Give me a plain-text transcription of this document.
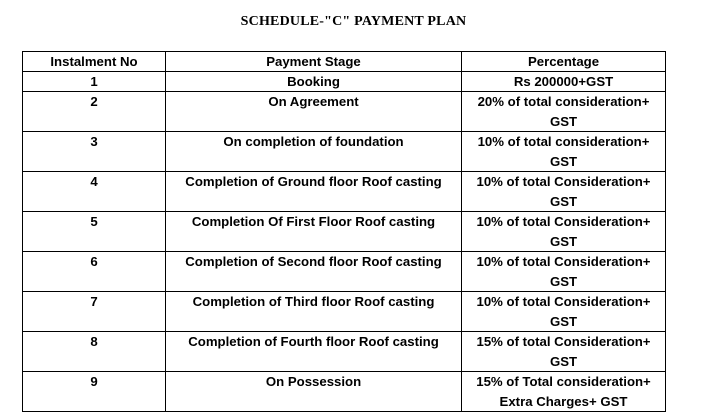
SCHEDULE-"C" PAYMENT PLAN
Instalment No	Payment Stage	Percentage
1	Booking	Rs 200000+GST
2	On Agreement	20% of total consideration+ GST
3	On completion of foundation	10% of total consideration+ GST
4	Completion of Ground floor Roof casting	10% of total Consideration+ GST
5	Completion Of First Floor Roof casting	10% of total Consideration+ GST
6	Completion of Second floor Roof casting	10% of total Consideration+ GST
7	Completion of Third floor Roof casting	10% of total Consideration+ GST
8	Completion of Fourth floor Roof casting	15% of total Consideration+ GST
9	On Possession	15% of Total consideration+ Extra Charges+ GST
